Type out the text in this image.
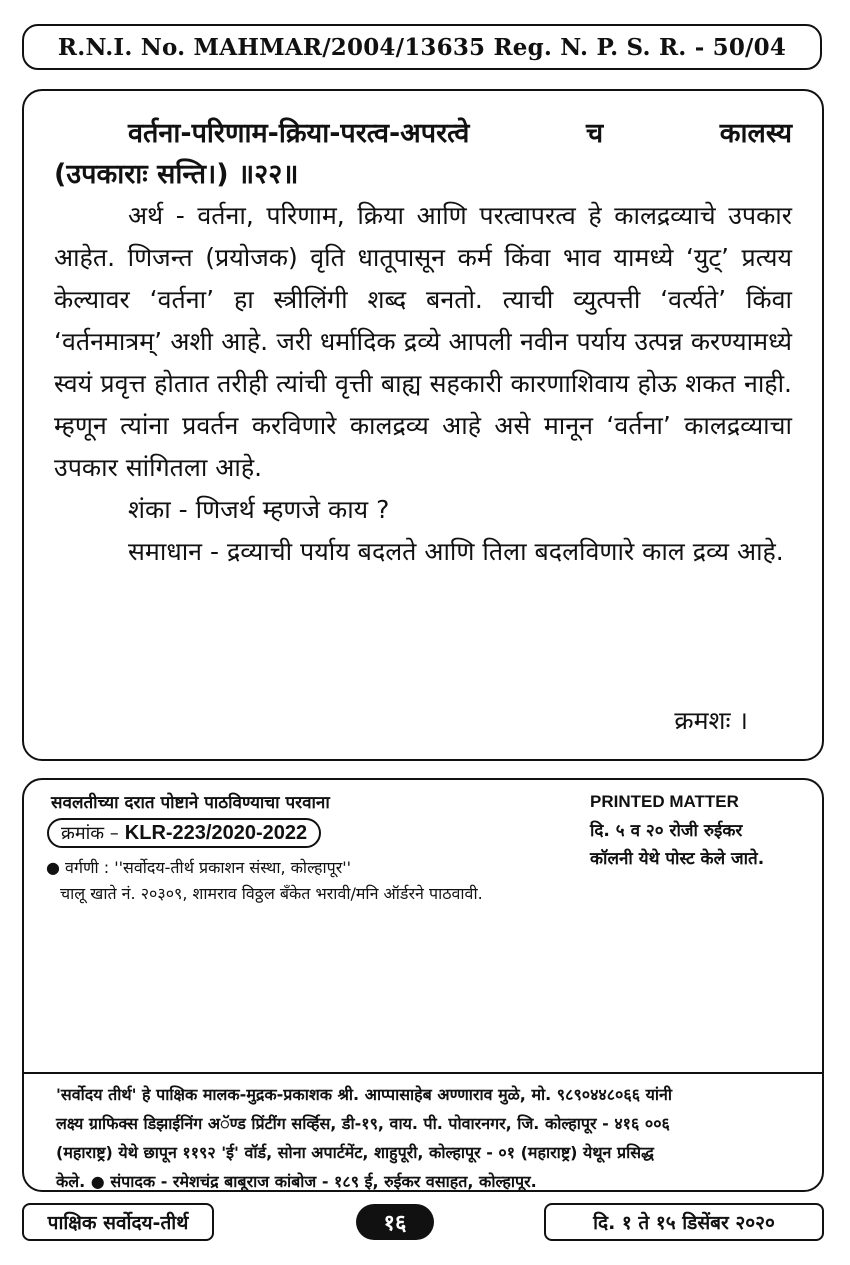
R.N.I. No. MAHMAR/2004/13635 Reg. N. P. S. R. - 50/04

वर्तना-परिणाम-क्रिया-परत्व-अपरत्वे च कालस्य
(उपकाराः सन्ति।) ॥२२॥

अर्थ - वर्तना, परिणाम, क्रिया आणि परत्वापरत्व हे कालद्रव्याचे उपकार आहेत. णिजन्त (प्रयोजक) वृति धातूपासून कर्म किंवा भाव यामध्ये ‘युट्’ प्रत्यय केल्यावर ‘वर्तना’ हा स्त्रीलिंगी शब्द बनतो. त्याची व्युत्पत्ती ‘वर्त्यते’ किंवा ‘वर्तनमात्रम्’ अशी आहे. जरी धर्मादिक द्रव्ये आपली नवीन पर्याय उत्पन्न करण्यामध्ये स्वयं प्रवृत्त होतात तरीही त्यांची वृत्ती बाह्य सहकारी कारणाशिवाय होऊ शकत नाही. म्हणून त्यांना प्रवर्तन करविणारे कालद्रव्य आहे असे मानून ‘वर्तना’ कालद्रव्याचा उपकार सांगितला आहे.

शंका - णिजर्थ म्हणजे काय ?

समाधान - द्रव्याची पर्याय बदलते आणि तिला बदलविणारे काल द्रव्य आहे.

क्रमशः ।
सवलतीच्या दरात पोष्टाने पाठविण्याचा परवाना
क्रमांक – KLR-223/2020-2022
● वर्गणी : ''सर्वोदय-तीर्थ प्रकाशन संस्था, कोल्हापूर''
चालू खाते नं. २०३०९, शामराव विठ्ठल बँकेत भरावी/मनि ऑर्डरने पाठवावी.
PRINTED MATTER
दि. ५ व २० रोजी रुईकर
कॉलनी येथे पोस्ट केले जाते.

'सर्वोदय तीर्थ' हे पाक्षिक मालक-मुद्रक-प्रकाशक श्री. आप्पासाहेब अण्णाराव मुळे, मो. ९८९०४४८०६६ यांनी

लक्ष्य ग्राफिक्स डिझाईनिंग अॅण्ड प्रिंटींग सर्व्हिस, डी-१९, वाय. पी. पोवारनगर, जि. कोल्हापूर - ४१६ ००६

(महाराष्ट्र) येथे छापून ११९२ 'ई' वॉर्ड, सोना अपार्टमेंट, शाहुपूरी, कोल्हापूर - ०१ (महाराष्ट्र) येथून प्रसिद्ध

केले. ● संपादक - रमेशचंद्र बाबूराज कांबोज - १८९ ई, रुईकर वसाहत, कोल्हापूर.

पाक्षिक सर्वोदय-तीर्थ	१६	दि. १ ते १५ डिसेंबर २०२०
